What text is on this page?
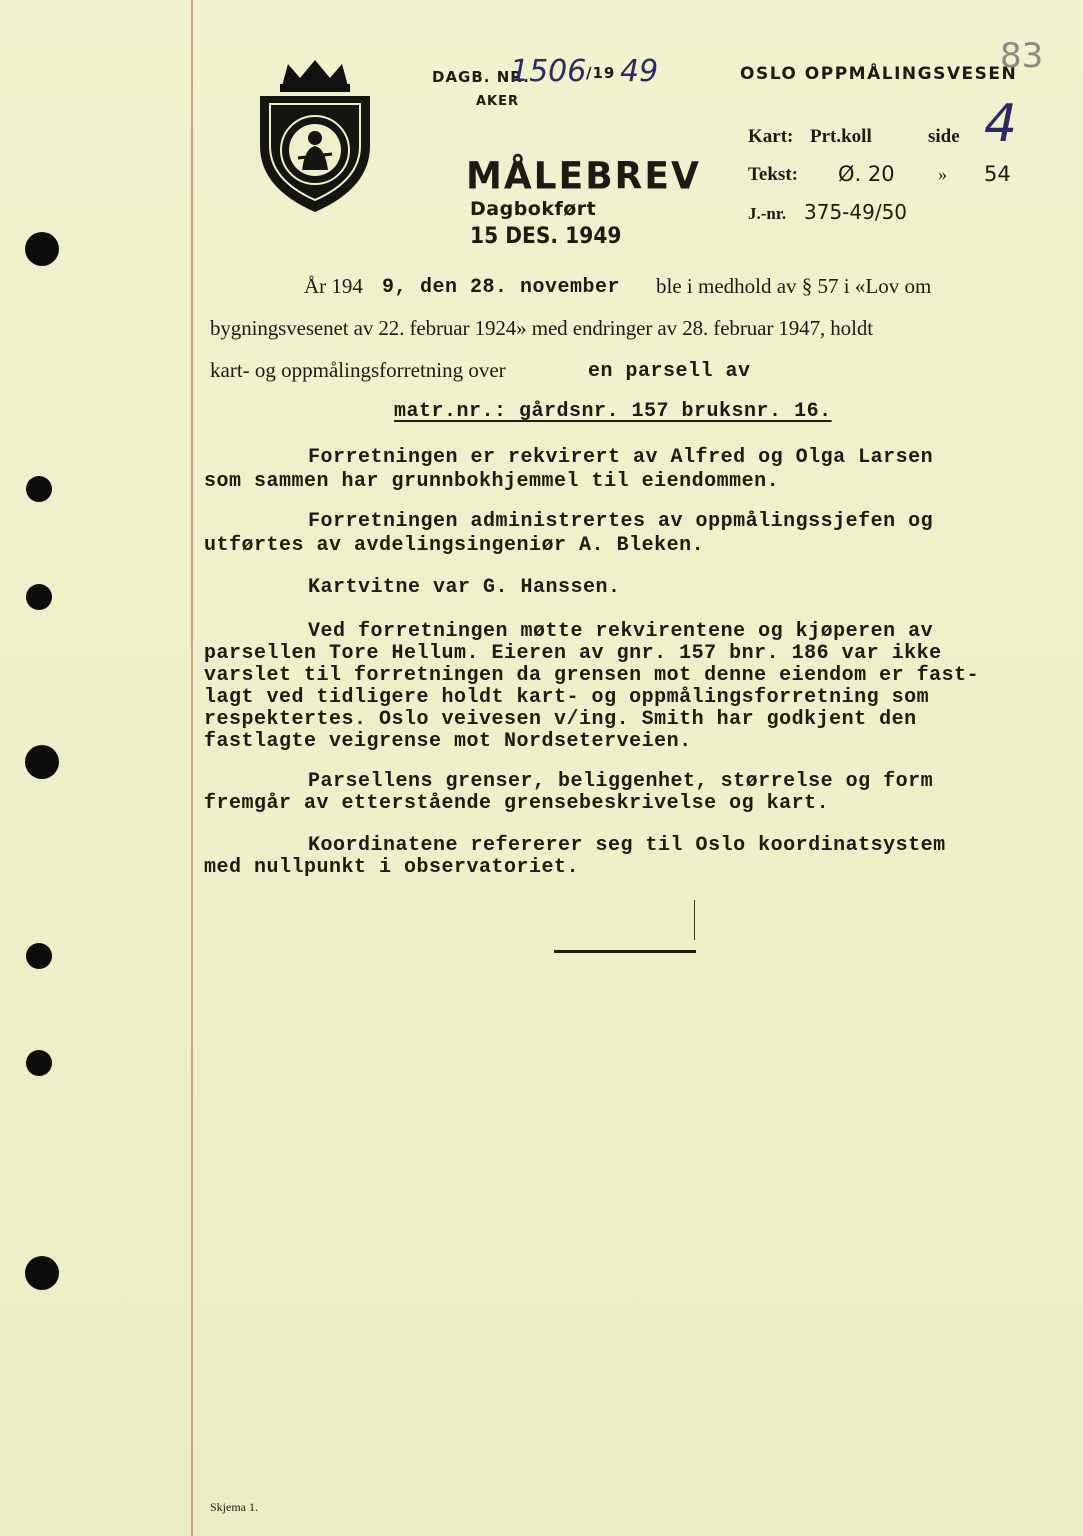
DAGB. NR.
1506 /19 49
AKER
OSLO OPPMÅLINGSVESEN
83
MÅLEBREV
Dagbokført
15 DES. 1949
Kart: Prt.koll	side 4
Tekst: Ø. 20 » 54
J.-nr. 375-49/50
År 194 9, den 28. november ble i medhold av § 57 i «Lov om
bygningsvesenet av 22. februar 1924» med endringer av 28. februar 1947, holdt
kart- og oppmålingsforretning over	en parsell av
matr.nr.: gårdsnr. 157 bruksnr. 16.
Forretningen er rekvirert av Alfred og Olga Larsen
som sammen har grunnbokhjemmel til eiendommen.
Forretningen administrertes av oppmålingssjefen og
utførtes av avdelingsingeniør A. Bleken.
Kartvitne var G. Hanssen.
Ved forretningen møtte rekvirentene og kjøperen av
parsellen Tore Hellum. Eieren av gnr. 157 bnr. 186 var ikke
varslet til forretningen da grensen mot denne eiendom er fast-
lagt ved tidligere holdt kart- og oppmålingsforretning som
respektertes. Oslo veivesen v/ing. Smith har godkjent den
fastlagte veigrense mot Nordseterveien.
Parsellens grenser, beliggenhet, størrelse og form
fremgår av etterstående grensebeskrivelse og kart.
Koordinatene refererer seg til Oslo koordinatsystem
med nullpunkt i observatoriet.
Skjema 1.
